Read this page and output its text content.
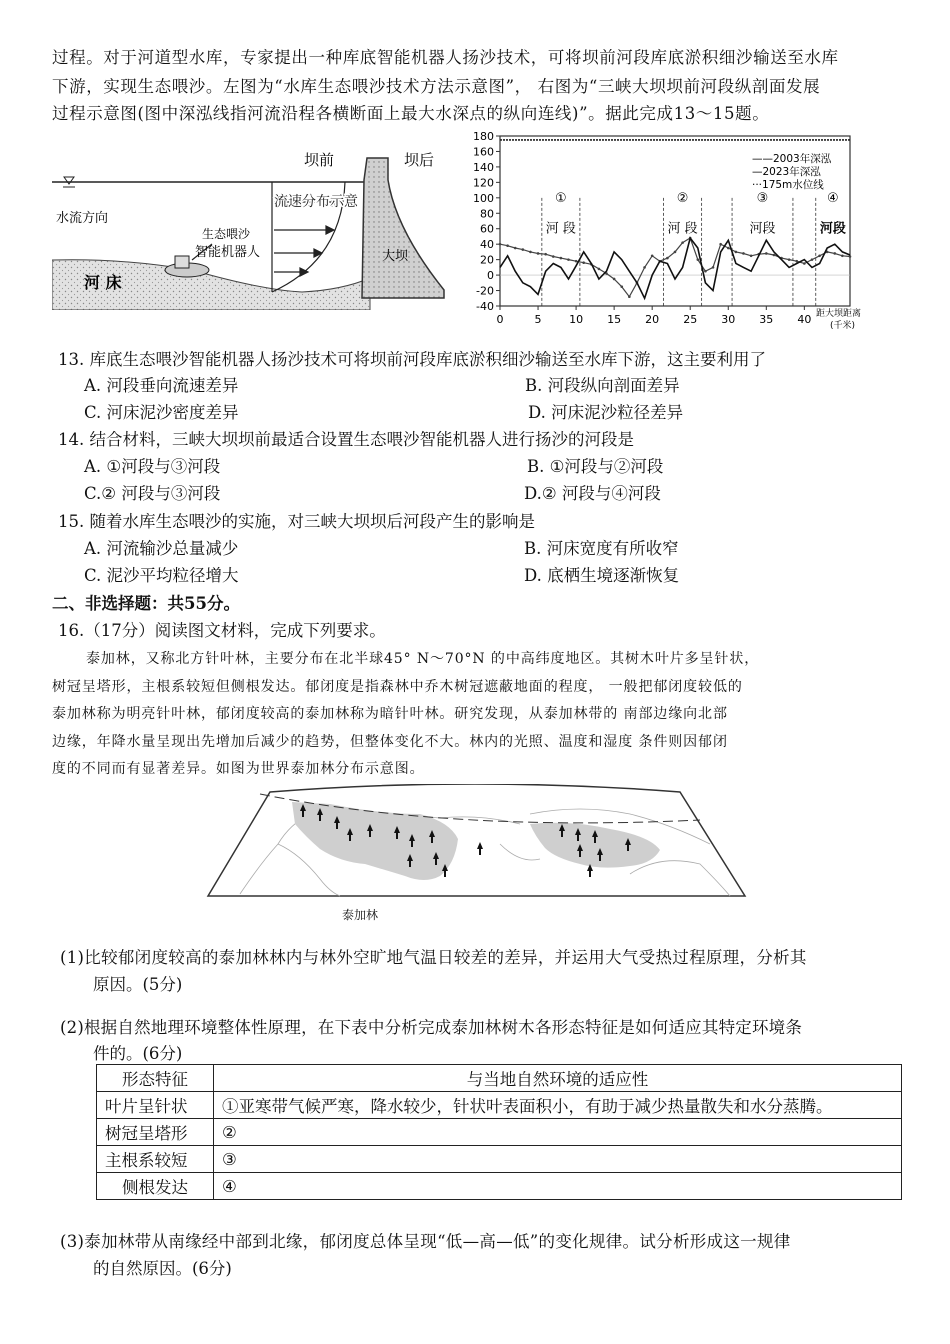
过程。对于河道型水库，专家提出一种库底智能机器人扬沙技术，可将坝前河段库底淤积细沙输送至水库
下游，实现生态喂沙。左图为“水库生态喂沙技术方法示意图”， 右图为“三峡大坝坝前河段纵剖面发展
过程示意图(图中深泓线指河流沿程各横断面上最大水深点的纵向连线)”。据此完成13～15题。
坝前	坝后
水流方向
流速分布示意
生态喂沙
智能机器人	大坝
河 床
180
160
140
120
100
80
60
40
20
0
-20
-40
0	5	10 15 20 25 30 35 40 距大坝距离
(千米)
①
河 段
②
河 段
③
河段
④
河段
——2003年深泓
—2023年深泓
···175m水位线
13. 库底生态喂沙智能机器人扬沙技术可将坝前河段库底淤积细沙输送至水库下游，这主要利用了
A. 河段垂向流速差异	B. 河段纵向剖面差异
C. 河床泥沙密度差异	D. 河床泥沙粒径差异
14. 结合材料，三峡大坝坝前最适合设置生态喂沙智能机器人进行扬沙的河段是
A. ①河段与③河段	B. ①河段与②河段
C.② 河段与③河段	D.② 河段与④河段
15. 随着水库生态喂沙的实施，对三峡大坝坝后河段产生的影响是
A. 河流输沙总量减少	B. 河床宽度有所收窄
C. 泥沙平均粒径增大	D. 底栖生境逐渐恢复
二、非选择题：共55分。
16.（17分）阅读图文材料，完成下列要求。
泰加林，又称北方针叶林，主要分布在北半球45° N～70°N 的中高纬度地区。其树木叶片多呈针状，
树冠呈塔形，主根系较短但侧根发达。郁闭度是指森林中乔木树冠遮蔽地面的程度， 一般把郁闭度较低的
泰加林称为明亮针叶林，郁闭度较高的泰加林称为暗针叶林。研究发现，从泰加林带的 南部边缘向北部
边缘，年降水量呈现出先增加后减少的趋势，但整体变化不大。林内的光照、温度和湿度 条件则因郁闭
度的不同而有显著差异。如图为世界泰加林分布示意图。
泰加林
(1)比较郁闭度较高的泰加林林内与林外空旷地气温日较差的差异，并运用大气受热过程原理，分析其
原因。(5分)
(2)根据自然地理环境整体性原理，在下表中分析完成泰加林树木各形态特征是如何适应其特定环境条
件的。(6分)
形态特征	与当地自然环境的适应性
叶片呈针状	①亚寒带气候严寒，降水较少，针状叶表面积小，有助于减少热量散失和水分蒸腾。
树冠呈塔形	②
主根系较短	③
侧根发达	④
(3)泰加林带从南缘经中部到北缘，郁闭度总体呈现“低—高—低”的变化规律。试分析形成这一规律
的自然原因。(6分)
